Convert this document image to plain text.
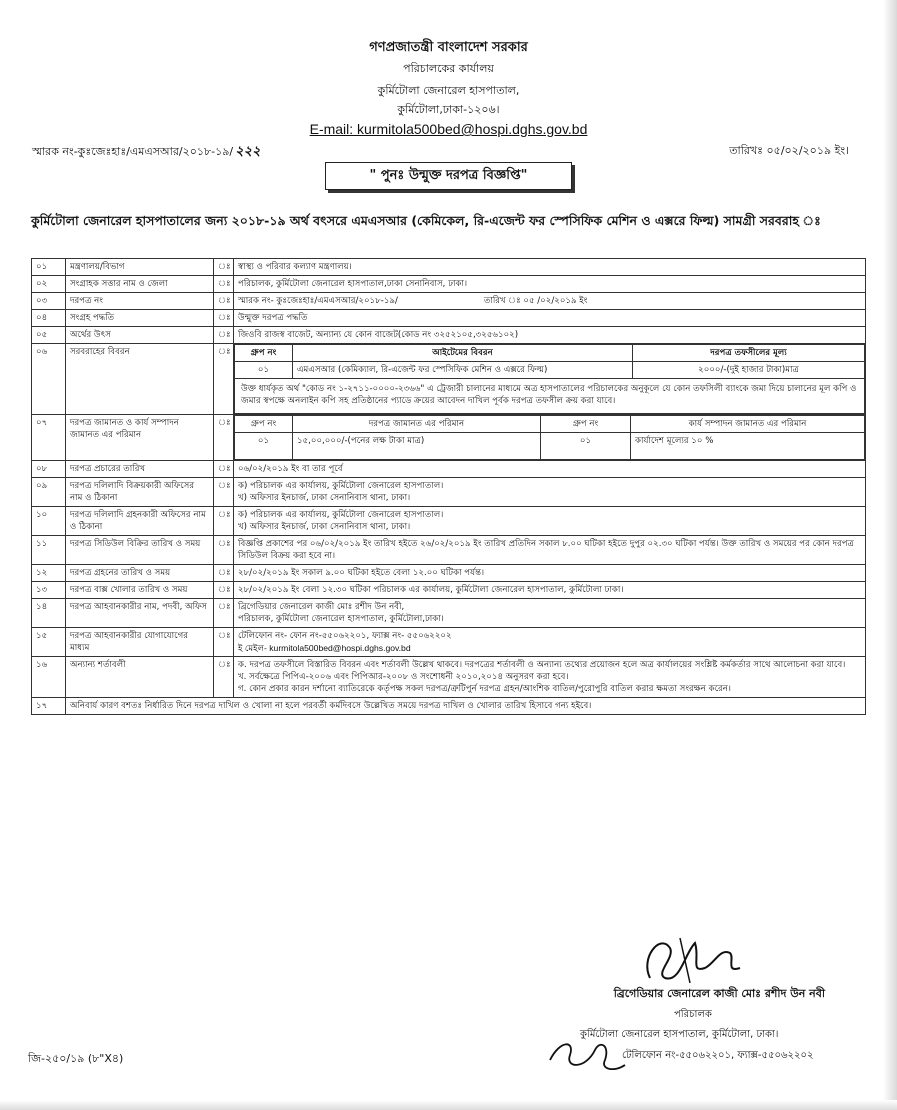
গণপ্রজাতন্ত্রী বাংলাদেশ সরকার
পরিচালকের কার্যালয়
কুর্মিটোলা জেনারেল হাসপাতাল,
কুর্মিটোলা,ঢাকা-১২০৬।
E-mail: kurmitola500bed@hospi.dghs.gov.bd
স্মারক নং-কুঃজেঃহাঃ/এমএসআর/২০১৮-১৯/ ২২২	তারিখঃ ০৫/০২/২০১৯ ইং।
" পুনঃ উন্মুক্ত দরপত্র বিজ্ঞপ্তি"
কুর্মিটোলা জেনারেল হাসপাতালের জন্য ২০১৮-১৯ অর্থ বৎসরে এমএসআর (কেমিকেল, রি-এজেন্ট ফর স্পেসিফিক মেশিন ও এক্সরে ফিল্ম) সামগ্রী সরবরাহ ঃ
০১	মন্ত্রণালয়/বিভাগ	ঃ	স্বাস্থ্য ও পরিবার কল্যাণ মন্ত্রণালয়।
০২	সংগ্রাহক সত্তার নাম ও জেলা	ঃ	পরিচালক, কুর্মিটোলা জেনারেল হাসপাতাল,ঢাকা সেনানিবাস, ঢাকা।
০৩	দরপত্র নং	ঃ	স্মারক নং- কুঃজেঃহাঃ/এমএসআর/২০১৮-১৯/	তারিখ ঃ ০৫ /০২/২০১৯ ইং
০৪	সংগ্রহ পদ্ধতি	ঃ	উন্মুক্ত দরপত্র পদ্ধতি
০৫	অর্থের উৎস	ঃ	জিওবি রাজস্ব বাজেট, অন্যান্য যে কোন বাজেট(কোড নং ৩২৫২১০৫,৩২৫৬১০২)
০৬	সরবরাহের বিবরন	ঃ	গ্রুপ নং	আইটেমের বিবরন	দরপত্র তফসীলের মূল্য
০১	এমএসআর (কেমিক্যাল, রি-এজেন্ট ফর স্পেসিফিক মেশিন ও এক্সরে ফিল্ম)	২০০০/-(দুই হাজার টাকা)মাত্র
উক্ত ধার্যকৃত অর্থ "কোড নং ১-২৭১১-০০০০-২৩৬৬" এ ট্রেজারী চালানের মাধ্যমে অত্র হাসপাতালের পরিচালকের অনুকূলে যে কোন তফসিলী ব্যাংকে জমা দিয়ে চালানের মূল কপি ও জমার স্বপক্ষে অনলাইন কপি সহ প্রতিষ্ঠানের প্যাডে ক্রয়ের আবেদন দাখিল পূর্বক দরপত্র তফসীল ক্রয় করা যাবে।

০৭	দরপত্র জামানত ও কার্য সম্পাদন জামানত এর পরিমান	ঃ	গ্রুপ নং	দরপত্র জামানত এর পরিমান	গ্রুপ নং	কার্য সম্পাদন জামানত এর পরিমান
০১	১৫,০০,০০০/-(পনের লক্ষ টাকা মাত্র)	০১	কার্যাদেশ মূল্যের ১০ %

০৮	দরপত্র প্রচারের তারিখ	ঃ	০৬/০২/২০১৯ ইং বা তার পূর্বে

০৯	দরপত্র দলিলাদি বিক্রয়কারী অফিসের নাম ও ঠিকানা	ঃ	ক) পরিচালক এর কার্যালয়, কুর্মিটোলা জেনারেল হাসপাতাল।
খ) অফিসার ইনচার্জ, ঢাকা সেনানিবাস থানা, ঢাকা।

১০	দরপত্র দলিলাদি গ্রহনকারী অফিসের নাম ও ঠিকানা	ঃ	ক) পরিচালক এর কার্যালয়, কুর্মিটোলা জেনারেল হাসপাতাল।
খ) অফিসার ইনচার্জ, ঢাকা সেনানিবাস থানা, ঢাকা।

১১	দরপত্র সিডিউল বিক্রির তারিখ ও সময়	ঃ	বিজ্ঞপ্তি প্রকাশের পর ০৬/০২/২০১৯ ইং তারিখ হইতে ২৬/০২/২০১৯ ইং তারিখ প্রতিদিন সকাল ৮.০০ ঘটিকা হইতে দুপুর ০২.৩০ ঘটিকা পর্যন্ত। উক্ত তারিখ ও সময়ের পর কোন দরপত্র সিডিউল বিক্রয় করা হবে না।

১২	দরপত্র গ্রহনের তারিখ ও সময়	ঃ	২৮/০২/২০১৯ ইং সকাল ৯.০০ ঘটিকা হইতে বেলা ১২.০০ ঘটিকা পর্যন্ত।

১৩	দরপত্র বাক্স খোলার তারিখ ও সময়	ঃ	২৮/০২/২০১৯ ইং বেলা ১২.৩০ ঘটিকা পরিচালক এর কার্যালয়, কুর্মিটোলা জেনারেল হাসপাতাল, কুর্মিটোলা ঢাকা।

১৪	দরপত্র আহবানকারীর নাম, পদবী, অফিস	ঃ	ব্রিগেডিয়ার জেনারেল কাজী মোঃ রশীদ উন নবী,
পরিচালক, কুর্মিটোলা জেনারেল হাসপাতাল, কুর্মিটোলা,ঢাকা।

১৫	দরপত্র আহবানকারীর যোগাযোগের মাধ্যম	ঃ	টেলিফোন নং- ফোন নং-৫৫০৬২২০১, ফ্যাক্স নং- ৫৫০৬২২০২
ই মেইল- kurmitola500bed@hospi.dghs.gov.bd

১৬	অন্যান্য শর্তাবলী	ঃ	ক. দরপত্র তফসীলে বিস্তারিত বিবরন এবং শর্তাবলী উল্লেখ থাকবে। দরপত্রের শর্তাবলী ও অন্যান্য তথ্যের প্রয়োজন হলে অত্র কার্যালয়ের সংশ্লিষ্ট কর্মকর্তার সাথে আলোচনা করা যাবে।
খ. সর্বক্ষেত্রে পিপিএ-২০০৬ এবং পিপিআর-২০০৮ ও সংশোধনী ২০১০,২০১৪ অনুসরণ করা হবে।
গ. কোন প্রকার কারন দর্শানো ব্যাতিরেকে কর্তৃপক্ষ সকল দরপত্র/ত্রুটিপুর্ন দরপত্র গ্রহন/আংশিক বাতিল/পুরোপুরি বাতিল করার ক্ষমতা সংরক্ষন করেন।

১৭	অনিবার্য কারণ বশতঃ নির্ধারিত দিনে দরপত্র দাখিল ও খোলা না হলে পরবর্তী কর্মদিবসে উল্লেখিত সময়ে দরপত্র দাখিল ও খোলার তারিখ হিসাবে গন্য হইবে।
ব্রিগেডিয়ার জেনারেল কাজী মোঃ রশীদ উন নবী
পরিচালক
কুর্মিটোলা জেনারেল হাসপাতাল, কুর্মিটোলা, ঢাকা।
টেলিফোন নং-৫৫০৬২২০১, ফ্যাক্স-৫৫০৬২২০২
জি-২৫০/১৯ (৮"X৪)
